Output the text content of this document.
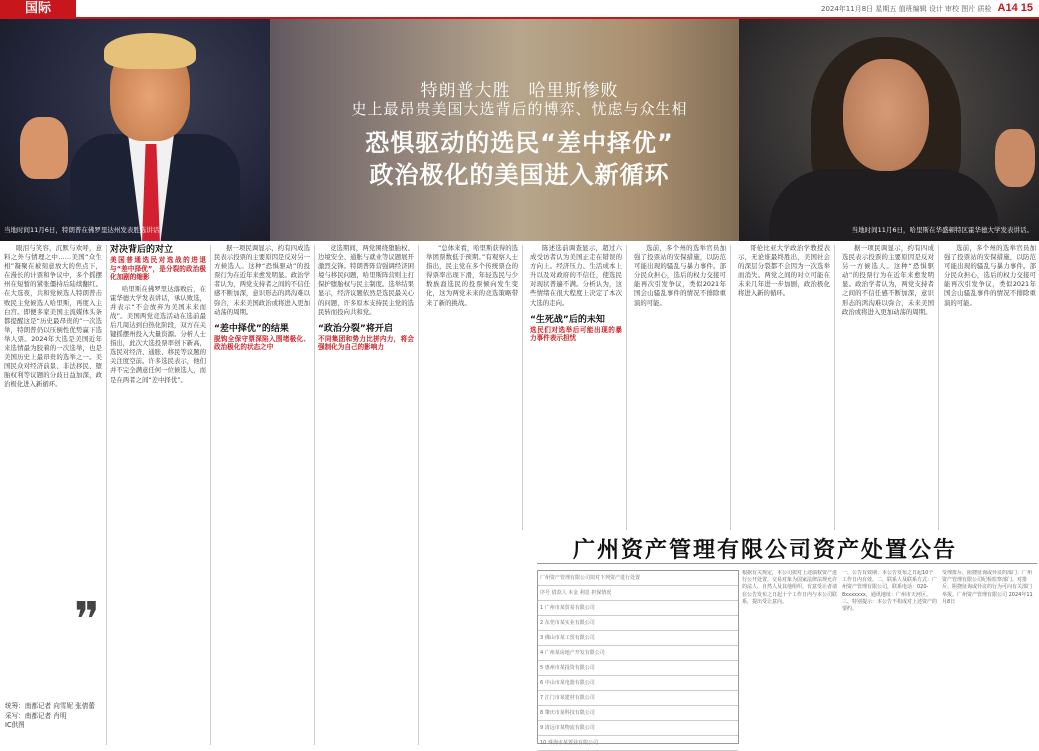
国际	2024年11月8日 星期五 值班编辑 设计 审校 图片 质检 A14 15
特朗普大胜　哈里斯惨败
史上最昂贵美国大选背后的博弈、忧虑与众生相
恐惧驱动的选民“差中择优”
政治极化的美国进入新循环
当地时间11月6日，特朗普在佛罗里达州发表胜选讲话。	当地时间11月6日，哈里斯在华盛顿特区霍华德大学发表讲话。

眼泪与笑容，沉默与欢呼，意料之外与情理之中……美国“众生相”凝聚在被刻意放大的焦点下，在漫长的计票和争议中，多个摇摆州在短暂的紧张僵持后陆续翻红。在大选夜，共和党候选人特朗普击败民主党候选人哈里斯，再度入主白宫。即便多家美国主流媒体头条都提醒这是“历史最昂贵的”一次选举，特朗普仍以压倒性优势赢下选举人票。2024年大选是美国近年来选情最为胶着的一次选举，也是美国历史上最昂贵的选举之一。美国民众对经济前景、非法移民、堕胎权利等议题的分歧日益加深，政治极化进入新循环。

❞
统筹：南都记者 向雪妮 张倩蕾
采写：南都记者 肖明
IC供图
对决背后的对立
美国普通选民对选战的进退与“差中择优”，是分裂的政治极化加剧的缩影

哈里斯在佛罗里达落败后，在霍华德大学发表讲话，承认败选，并表示“不会放弃为美国未来而战”。美国两党竞选活动在选前最后几周达到白热化阶段，双方在关键摇摆州投入大量资源。分析人士指出，此次大选投票率创下新高，选民对经济、通胀、移民等议题的关注度空前。许多选民表示，他们并不完全满意任何一位候选人，而是在两者之间“差中择优”。

据一项民调显示，约有四成选民表示投票的主要原因是反对另一方候选人。这种“恐惧驱动”的投票行为在近年来愈发明显。政治学者认为，两党支持者之间的不信任感不断加深，意识形态的鸿沟难以弥合，未来美国政治或将进入更加动荡的周期。

“差中择优”的结果
脱钩全保守票深陷入围堵极化、政治极化的状态之中

竞选期间，两党围绕堕胎权、边境安全、通胀与就业等议题展开激烈交锋。特朗普阵营强调经济困境与移民问题，哈里斯阵营则主打保护堕胎权与民主制度。选举结果显示，经济议题依然是选民最关心的问题，许多原本支持民主党的选民转而投向共和党。

“政治分裂”将开启
不同集团和势力比拼内力，将会强制化为自己的影响力

“总体来看，哈里斯获得的选举团票数低于预期。”有观察人士指出，民主党在多个传统票仓的得票率出现下滑，年轻选民与少数族裔选民的投票倾向发生变化，这为两党未来的竞选策略带来了新的挑战。

陈述选前调查显示，超过六成受访者认为美国正走在错误的方向上。经济压力、生活成本上升以及对政府的不信任，使选民对现状普遍不满。分析认为，这些情绪在很大程度上决定了本次大选的走向。

“生死战”后的未知
选民们对选举后可能出现的暴力事件表示担忧

选前，多个州的选举官员加强了投票站的安保措施，以防范可能出现的骚乱与暴力事件。部分民众担心，选后的权力交接可能再次引发争议，类似2021年国会山骚乱事件的情况不排除重演的可能。

哥伦比亚大学政治学教授表示，无论谁最终胜出，美国社会的深层分裂都不会因为一次选举而消失。两党之间的对立可能在未来几年进一步加剧，政治极化将进入新的循环。

据一项民调显示，约有四成选民表示投票的主要原因是反对另一方候选人。这种“恐惧驱动”的投票行为在近年来愈发明显。政治学者认为，两党支持者之间的不信任感不断加深，意识形态的鸿沟难以弥合，未来美国政治或将进入更加动荡的周期。

选前，多个州的选举官员加强了投票站的安保措施，以防范可能出现的骚乱与暴力事件。部分民众担心，选后的权力交接可能再次引发争议，类似2021年国会山骚乱事件的情况不排除重演的可能。

广州资产管理有限公司资产处置公告
广州资产管理有限公司拟对下列资产进行处置
序号 借款人 本金 利息 担保情况
1 广州市某贸易有限公司
2 东莞市某实业有限公司
3 佛山市某工贸有限公司
4 广州某房地产开发有限公司
5 惠州市某投资有限公司
6 中山市某电器有限公司
7 江门市某建材有限公司
8 肇庆市某科技有限公司
9 清远市某物流有限公司
10 珠海市某置业有限公司
根据有关规定，本公司拟对上述债权资产进行公开处置。交易对象为国家法律法规允许的法人、自然人及其他组织。有意受让者请在公告发布之日起十个工作日内与本公司联系，提出受让意向。
一、公告有效期：本公告发布之日起10个工作日内有效。二、联系人及联系方式：广州资产管理有限公司，联系电话：020-8xxxxxxx，通讯地址：广州市天河区。三、特别提示：本公告不构成对上述资产的要约。
受理排斥、阻挠征询或异议的部门：广州资产管理有限公司纪检监察部门。对排斥、阻挠征询或异议的行为可向有关部门举报。广州资产管理有限公司 2024年11月8日
